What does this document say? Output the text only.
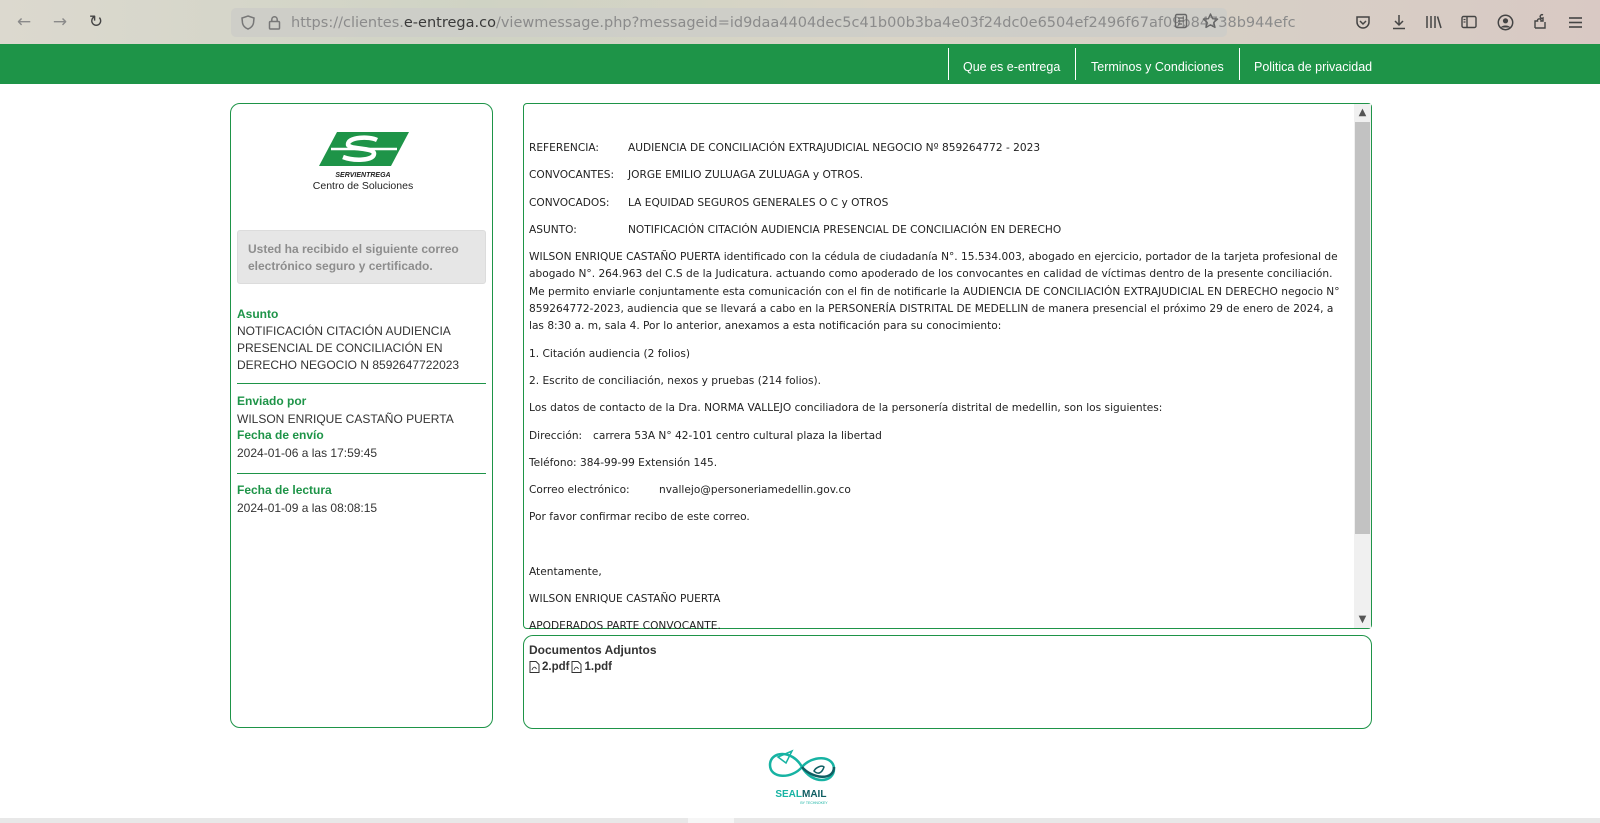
← → ↻	https://clientes.e-entrega.co/viewmessage.php?messageid=id9daa4404dec5c41b00b3ba4e03f24dc0e6504ef2496f67af09b84738b944efc
Que es e-entrega Terminos y Condiciones Politica de privacidad
SERVIENTREGA
Centro de Soluciones
Usted ha recibido el siguiente correo electrónico seguro y certificado.
Asunto
NOTIFICACIÓN CITACIÓN AUDIENCIA PRESENCIAL DE CONCILIACIÓN EN DERECHO NEGOCIO N 8592647722023
Enviado por
WILSON ENRIQUE CASTAÑO PUERTA
Fecha de envío
2024-01-06 a las 17:59:45
Fecha de lectura
2024-01-09 a las 08:08:15

REFERENCIA:	AUDIENCIA DE CONCILIACIÓN EXTRAJUDICIAL NEGOCIO Nº 859264772 - 2023

CONVOCANTES:	JORGE EMILIO ZULUAGA ZULUAGA y OTROS.

CONVOCADOS:	LA EQUIDAD SEGUROS GENERALES O C y OTROS

ASUNTO:	NOTIFICACIÓN CITACIÓN AUDIENCIA PRESENCIAL DE CONCILIACIÓN EN DERECHO

WILSON ENRIQUE CASTAÑO PUERTA identificado con la cédula de ciudadanía N°. 15.534.003, abogado en ejercicio, portador de la tarjeta profesional de abogado N°. 264.963 del C.S de la Judicatura. actuando como apoderado de los convocantes en calidad de víctimas dentro de la presente conciliación. Me permito enviarle conjuntamente esta comunicación con el fin de notificarle la AUDIENCIA DE CONCILIACIÓN EXTRAJUDICIAL EN DERECHO negocio N° 859264772-2023, audiencia que se llevará a cabo en la PERSONERÍA DISTRITAL DE MEDELLIN de manera presencial el próximo 29 de enero de 2024, a las 8:30 a. m, sala 4. Por lo anterior, anexamos a esta notificación para su conocimiento:

1. Citación audiencia (2 folios)

2. Escrito de conciliación, nexos y pruebas (214 folios).

Los datos de contacto de la Dra. NORMA VALLEJO conciliadora de la personería distrital de medellin, son los siguientes:

Dirección:	carrera 53A N° 42-101 centro cultural plaza la libertad

Teléfono: 384-99-99 Extensión 145.

Correo electrónico:	nvallejo@personeriamedellin.gov.co

Por favor confirmar recibo de este correo.

Atentamente,

WILSON ENRIQUE CASTAÑO PUERTA

APODERADOS PARTE CONVOCANTE.

▲
▼
Documentos Adjuntos
2.pdf 1.pdf
SEAL MAIL
BY TECHNOKEY
